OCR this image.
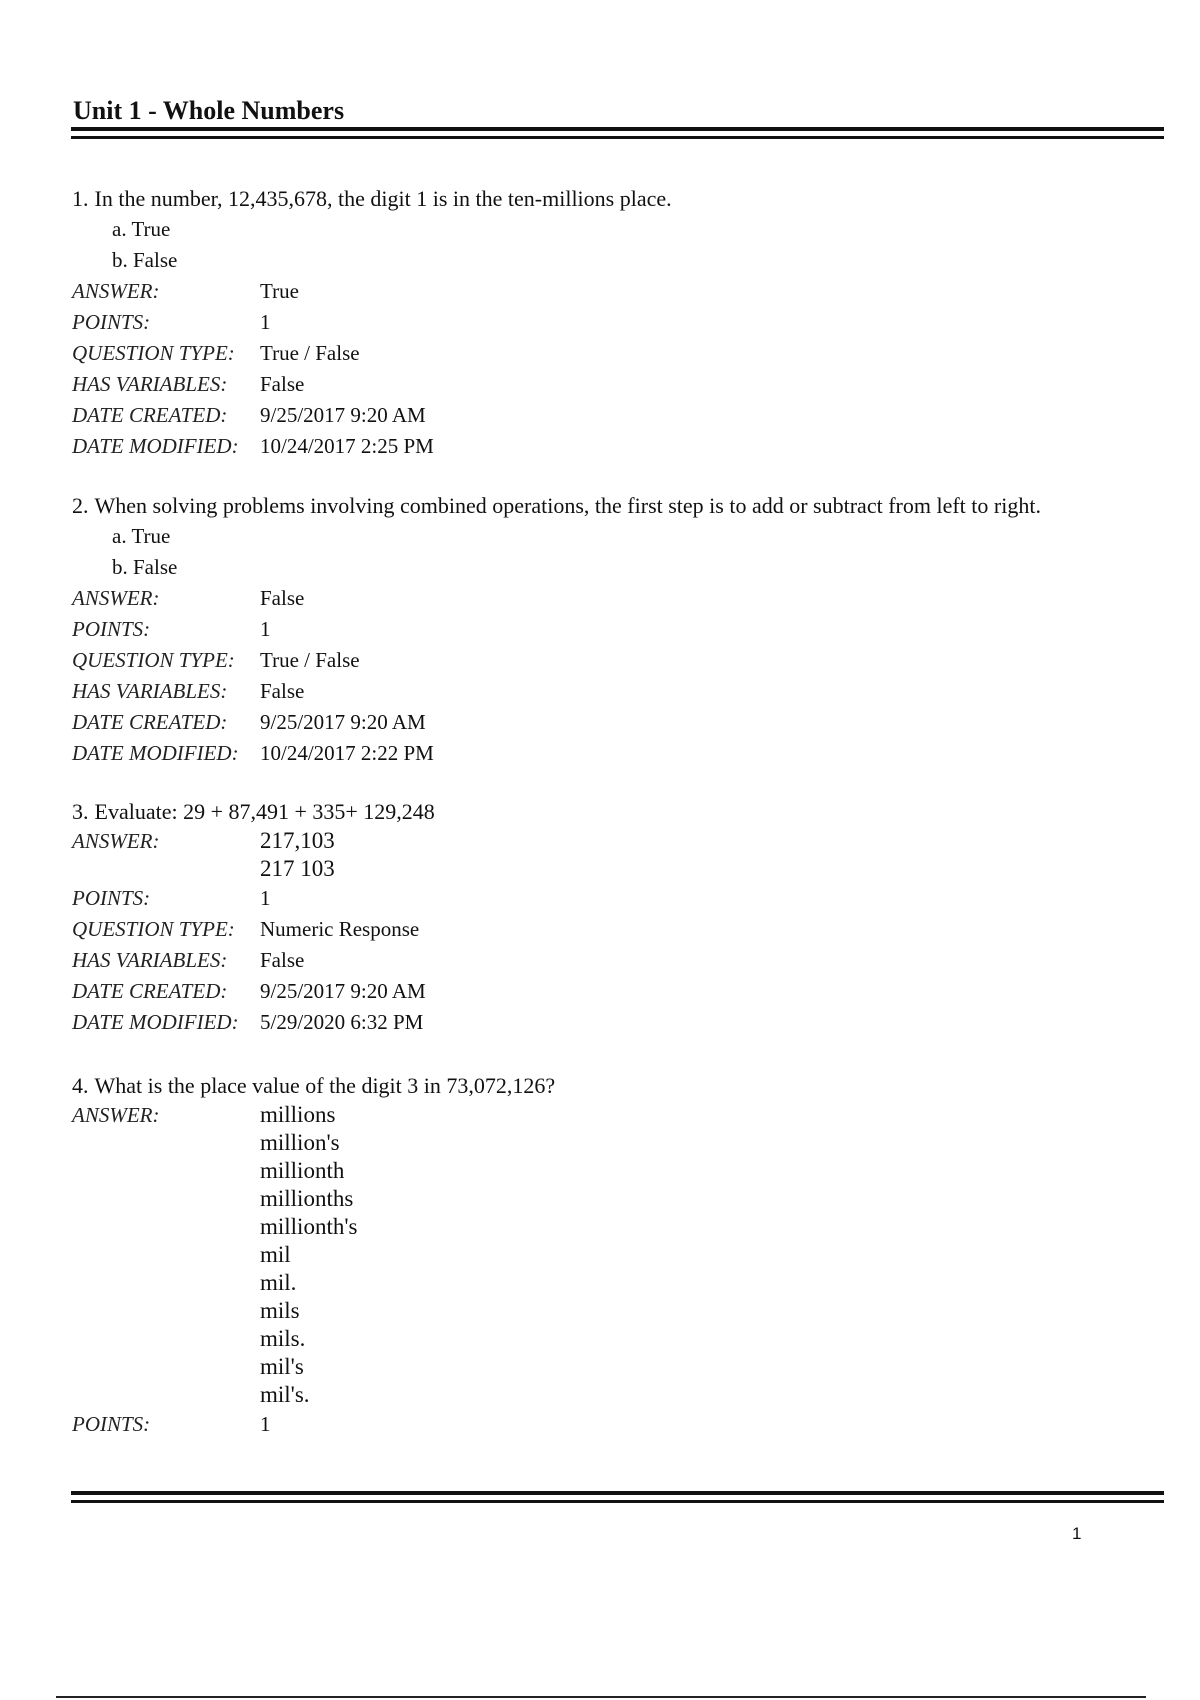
Unit 1 - Whole Numbers
1. In the number, 12,435,678, the digit 1 is in the ten-millions place.
a. True
b. False
ANSWER:	True
POINTS:	1
QUESTION TYPE:	True / False
HAS VARIABLES:	False
DATE CREATED:	9/25/2017 9:20 AM
DATE MODIFIED:	10/24/2017 2:25 PM
2. When solving problems involving combined operations, the first step is to add or subtract from left to right.
a. True
b. False
ANSWER:	False
POINTS:	1
QUESTION TYPE:	True / False
HAS VARIABLES:	False
DATE CREATED:	9/25/2017 9:20 AM
DATE MODIFIED:	10/24/2017 2:22 PM
3. Evaluate: 29 + 87,491 + 335+ 129,248
ANSWER:	217,103
217 103
POINTS:	1
QUESTION TYPE:	Numeric Response
HAS VARIABLES:	False
DATE CREATED:	9/25/2017 9:20 AM
DATE MODIFIED:	5/29/2020 6:32 PM
4. What is the place value of the digit 3 in 73,072,126?
ANSWER:	millions
million's
millionth
millionths
millionth's
mil
mil.
mils
mils.
mil's
mil's.
POINTS:	1
1
